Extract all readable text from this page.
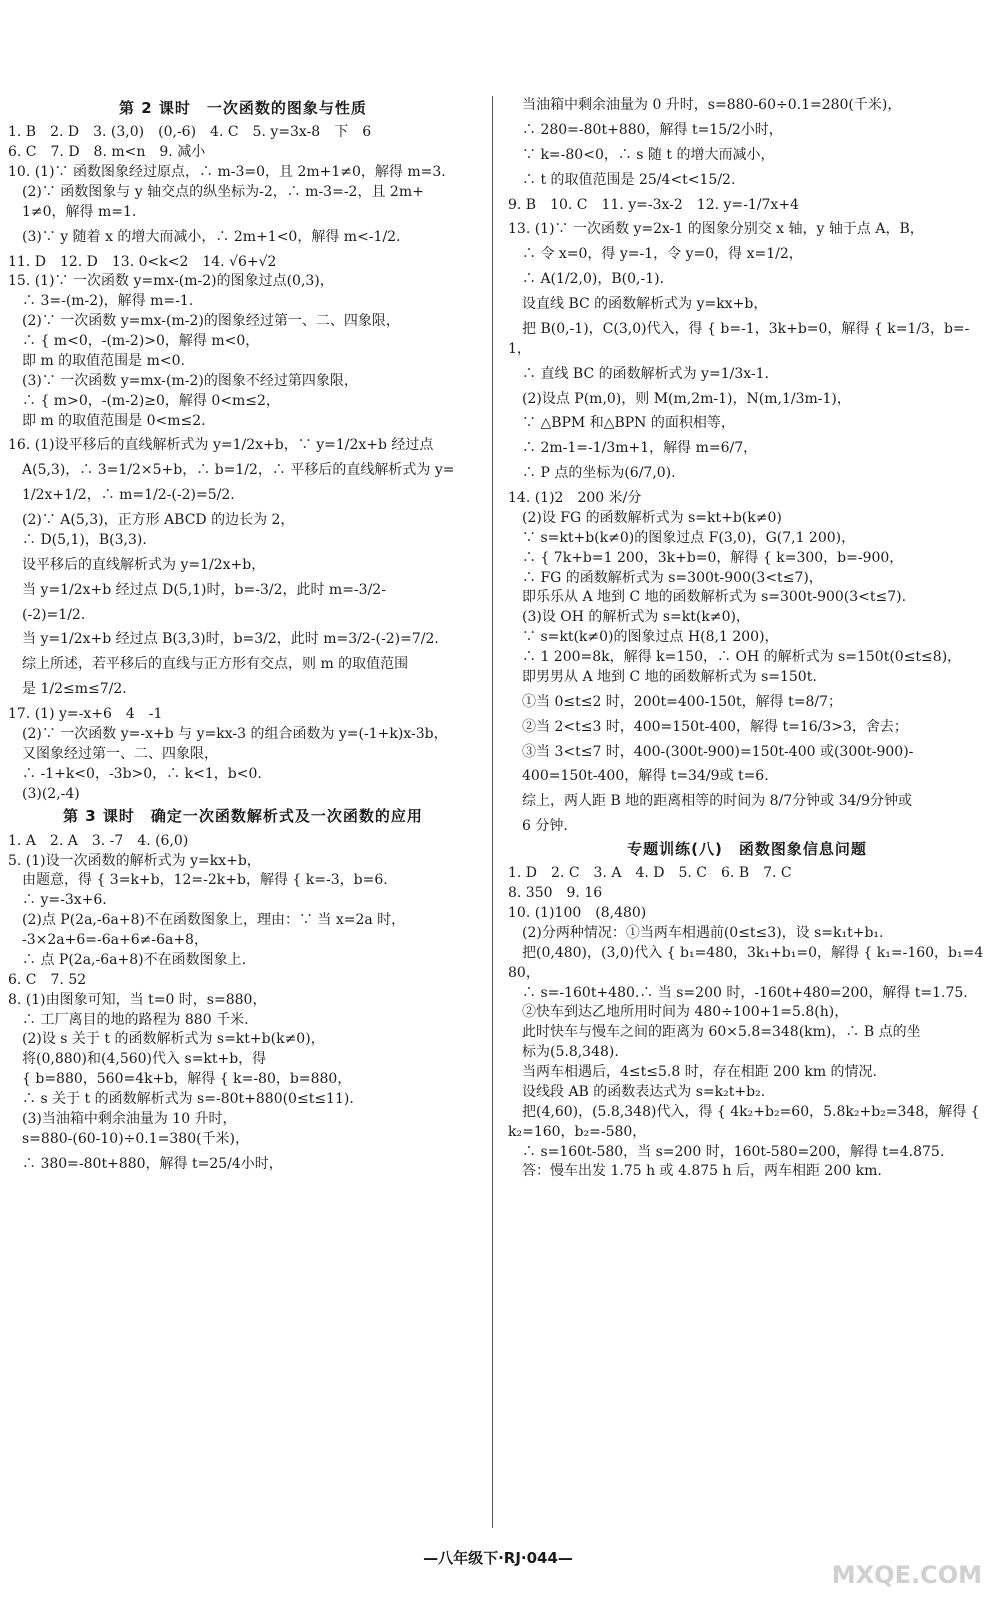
第 2 课时　一次函数的图象与性质
1. B　2. D　3. (3,0)　(0,-6)　4. C　5. y=3x-8　下　6
6. C　7. D　8. m<n　9. 减小
10. (1)∵ 函数图象经过原点，∴ m-3=0，且 2m+1≠0，解得 m=3.
　(2)∵ 函数图象与 y 轴交点的纵坐标为-2，∴ m-3=-2，且 2m+
　1≠0，解得 m=1.
　(3)∵ y 随着 x 的增大而减小，∴ 2m+1<0，解得 m<-1/2.
11. D　12. D　13. 0<k<2　14. √6+√2
15. (1)∵ 一次函数 y=mx-(m-2)的图象过点(0,3)，
　∴ 3=-(m-2)，解得 m=-1.
　(2)∵ 一次函数 y=mx-(m-2)的图象经过第一、二、四象限，
　∴ { m<0，-(m-2)>0，解得 m<0，
　即 m 的取值范围是 m<0.
　(3)∵ 一次函数 y=mx-(m-2)的图象不经过第四象限，
　∴ { m>0，-(m-2)≥0，解得 0<m≤2，
　即 m 的取值范围是 0<m≤2.
16. (1)设平移后的直线解析式为 y=1/2x+b，∵ y=1/2x+b 经过点
　A(5,3)，∴ 3=1/2×5+b，∴ b=1/2，∴ 平移后的直线解析式为 y=
　1/2x+1/2，∴ m=1/2-(-2)=5/2.
　(2)∵ A(5,3)，正方形 ABCD 的边长为 2，
　∴ D(5,1)，B(3,3).
　设平移后的直线解析式为 y=1/2x+b，
　当 y=1/2x+b 经过点 D(5,1)时，b=-3/2，此时 m=-3/2-
　(-2)=1/2.
　当 y=1/2x+b 经过点 B(3,3)时，b=3/2，此时 m=3/2-(-2)=7/2.
　综上所述，若平移后的直线与正方形有交点，则 m 的取值范围
　是 1/2≤m≤7/2.
17. (1) y=-x+6　4　-1
　(2)∵ 一次函数 y=-x+b 与 y=kx-3 的组合函数为 y=(-1+k)x-3b，
　又图象经过第一、二、四象限，
　∴ -1+k<0，-3b>0，∴ k<1，b<0.
　(3)(2,-4)
第 3 课时　确定一次函数解析式及一次函数的应用
1. A　2. A　3. -7　4. (6,0)
5. (1)设一次函数的解析式为 y=kx+b，
　由题意，得 { 3=k+b，12=-2k+b，解得 { k=-3，b=6.
　∴ y=-3x+6.
　(2)点 P(2a,-6a+8)不在函数图象上，理由：∵ 当 x=2a 时，
　-3×2a+6=-6a+6≠-6a+8，
　∴ 点 P(2a,-6a+8)不在函数图象上.
6. C　7. 52
8. (1)由图象可知，当 t=0 时，s=880，
　∴ 工厂离目的地的路程为 880 千米.
　(2)设 s 关于 t 的函数解析式为 s=kt+b(k≠0)，
　将(0,880)和(4,560)代入 s=kt+b，得
　{ b=880，560=4k+b，解得 { k=-80，b=880，
　∴ s 关于 t 的函数解析式为 s=-80t+880(0≤t≤11).
　(3)当油箱中剩余油量为 10 升时，
　s=880-(60-10)÷0.1=380(千米)，
　∴ 380=-80t+880，解得 t=25/4小时，
　当油箱中剩余油量为 0 升时，s=880-60÷0.1=280(千米)，
　∴ 280=-80t+880，解得 t=15/2小时，
　∵ k=-80<0，∴ s 随 t 的增大而减小，
　∴ t 的取值范围是 25/4<t<15/2.
9. B　10. C　11. y=-3x-2　12. y=-1/7x+4
13. (1)∵ 一次函数 y=2x-1 的图象分别交 x 轴，y 轴于点 A，B，
　∴ 令 x=0，得 y=-1，令 y=0，得 x=1/2，
　∴ A(1/2,0)，B(0,-1).
　设直线 BC 的函数解析式为 y=kx+b，
　把 B(0,-1)，C(3,0)代入，得 { b=-1，3k+b=0，解得 { k=1/3，b=-1，
　∴ 直线 BC 的函数解析式为 y=1/3x-1.
　(2)设点 P(m,0)，则 M(m,2m-1)，N(m,1/3m-1)，
　∵ △BPM 和△BPN 的面积相等，
　∴ 2m-1=-1/3m+1，解得 m=6/7，
　∴ P 点的坐标为(6/7,0).
14. (1)2　200 米/分
　(2)设 FG 的函数解析式为 s=kt+b(k≠0)
　∵ s=kt+b(k≠0)的图象过点 F(3,0)，G(7,1 200)，
　∴ { 7k+b=1 200，3k+b=0，解得 { k=300，b=-900，
　∴ FG 的函数解析式为 s=300t-900(3<t≤7)，
　即乐乐从 A 地到 C 地的函数解析式为 s=300t-900(3<t≤7).
　(3)设 OH 的解析式为 s=kt(k≠0)，
　∵ s=kt(k≠0)的图象过点 H(8,1 200)，
　∴ 1 200=8k，解得 k=150，∴ OH 的解析式为 s=150t(0≤t≤8)，
　即男男从 A 地到 C 地的函数解析式为 s=150t.
　①当 0≤t≤2 时，200t=400-150t，解得 t=8/7；
　②当 2<t≤3 时，400=150t-400，解得 t=16/3>3，舍去；
　③当 3<t≤7 时，400-(300t-900)=150t-400 或(300t-900)-
　400=150t-400，解得 t=34/9或 t=6.
　综上，两人距 B 地的距离相等的时间为 8/7分钟或 34/9分钟或
　6 分钟.
专题训练(八)　函数图象信息问题
1. D　2. C　3. A　4. D　5. C　6. B　7. C
8. 350　9. 16
10. (1)100　(8,480)
　(2)分两种情况：①当两车相遇前(0≤t≤3)，设 s=k₁t+b₁.
　把(0,480)，(3,0)代入 { b₁=480，3k₁+b₁=0，解得 { k₁=-160，b₁=480，
　∴ s=-160t+480.∴ 当 s=200 时，-160t+480=200，解得 t=1.75.
　②快车到达乙地所用时间为 480÷100+1=5.8(h)，
　此时快车与慢车之间的距离为 60×5.8=348(km)，∴ B 点的坐
　标为(5.8,348).
　当两车相遇后，4≤t≤5.8 时，存在相距 200 km 的情况.
　设线段 AB 的函数表达式为 s=k₂t+b₂.
　把(4,60)，(5.8,348)代入，得 { 4k₂+b₂=60，5.8k₂+b₂=348，解得 { k₂=160，b₂=-580，
　∴ s=160t-580，当 s=200 时，160t-580=200，解得 t=4.875.
　答：慢车出发 1.75 h 或 4.875 h 后，两车相距 200 km.
—八年级下·RJ·044—
MXQE.COM
